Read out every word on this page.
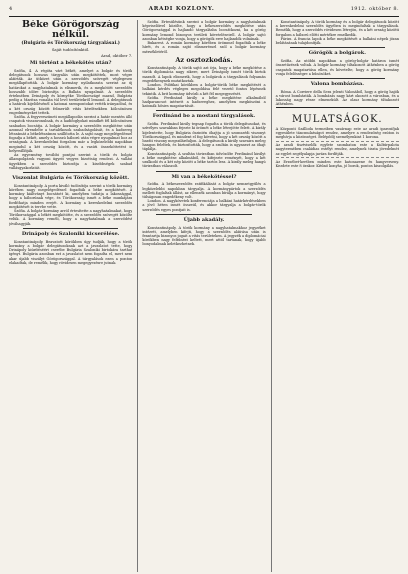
4	ARADI KOZLONY.	1912. október 8.
Béke Görögország nélkül.
(Bulgária és Törökország tárgyalásai.)
Saját tudósítónktól.
Arad, október 7.
Mi történt a békekötés után?

Szófia, 4. A régóta várt békét, amelyet a bolgár és török delegátusok hosszas tárgyalás után megkötöttek, most végre aláírták. Az ütközet után a szerződés szövegét véglegesen megállapították. A bolgár kormány nyilatkozata szerint az új határokat a nagyhatalmak is elismerik, és a megkötött szerződés hosszabb időre biztosítja a Balkán nyugalmát. A szerződés értelmében Drinápoly és környéke Törökországé marad, Bulgária pedig a Maritza vonalán túl levő területekről lemond. A delegátusok a határok kijelölésénél a katonai szempontokat vették irányadóul, és a két ország között felmerült vitás kérdésekben kölcsönösen engedményeket tettek.

Szófia. A fegyverszüneti megállapodás szerint a határ mentén álló csapatok visszavonulnak, és a hadifoglyokat mindkét fél kölcsönösen szabadon bocsátja. A bolgár kormány a szerződés megkötése után azonnal elrendelte a tartalékosok szabadságolását, és a hadsereg létszámát a békelétszámra szállította le. A sajtó nagy megelégedéssel fogadja a békét, amely a hosszú háború után végre nyugalmat hoz az országnak. A kereskedelmi forgalom már a legközelebbi napokban megindul a két ország között, és a vasúti összeköttetést is helyreállítják.

Az egyezmény további pontjai szerint a török és bolgár állampolgárok vagyoni ügyeit vegyes bizottság rendezi. A vallási ügyekben a szerződés biztosítja a kisebbségek szabad vallásgyakorlatát.

Viszonlat Bulgária és Törökország között.

Konstantinápoly. A porta kiváló tudósítója szerint a török kormány körében nagy megelégedéssel fogadták a béke megkötését. A kormány kiáltványt bocsátott ki, amelyben tudatja a lakossággal, hogy a háborúnak vége, és Törökország ismét a béke munkájára fordíthatja minden erejét. A kormány a kereskedelmi szerződés megkötését is tervbe vette.

Szófia. A bolgár kormány arról értesítette a nagyhatalmakat, hogy Törökországgal a békét megkötötte, és a szerződés szövegét közölte velük. A kormány reméli, hogy a nagyhatalmak a szerződést jóváhagyják.

Drinápoly és Szaloniki kicserélése.

Konstantinápoly. Beavatott körökben úgy tudják, hogy a török kormány a bolgár delegátusoknak azt a javaslatot tette, hogy Drinápoly kiürítéséért cserébe Bulgária Szaloniki birtokára tarthat igényt. Bulgária azonban ezt a javaslatot nem fogadta el, mert nem akar újabb viszályt Görögországgal. A tárgyalások ezen a ponton elakadtak, de remélik, hogy rövidesen megegyezésre jutnak.

Szófia. Értesülésünk szerint a bolgár kormány a nagyhatalmak képviselőivel közölte, hogy a békeszerződés megkötése után Görögországgal is hajlandó tárgyalásba bocsátkozni, ha a görög kormány lemond bizonyos területi követeléseiről. A bolgár sajtó azonban kétségbe vonja, hogy a görögök erre hajlandók volnának.

Bukarest. A román kormány körében örömmel fogadták a béke hírét, és a román sajtó elismeréssel szól a bolgár kormány mérsékletéről.

Az osztozkodás.

Konstantinápoly. A török sajtó azt írja, hogy a béke megkötése a török diplomácia nagy sikere, mert Drinápoly ismét török birtok maradt. A lapok elismerik, hogy a bolgárok a tárgyalások folyamán engedékenynek mutatkoztak.

London. Politikai körökben a bolgár-török béke megkötését a balkáni kérdés végleges megoldása felé vezető fontos lépésnek tekintik. A brit kormány üdvözli a két fél megegyezését.

Szófia. Ferdinánd király a béke megkötése alkalmából hadparancsot intézett a hadsereghez, amelyben megköszöni a katonák hősies magatartását.

Ferdinánd bo a mostani tárgyalások.

Szófia. Ferdinánd király tegnap fogadta a török delegátusokat, és szívélyes szavakban fejezte ki örömét a béke létrejötte felett. A király kijelentette, hogy Bulgária őszintén óhajtja a jó szomszédi viszonyt Törökországgal, és mindent el fog követni, hogy a két ország között a baráti viszony megszilárduljon. A delegátusok a király szavaira meleg hangon feleltek, és biztosították, hogy a szultán is ugyanezt az óhajt táplálja.

Konstantinápoly. A szultán táviratban üdvözölte Ferdinánd királyt a béke megkötése alkalmából, és kifejezte reményét, hogy a két uralkodó és a két nép között a béke tartós lesz. A király meleg hangú táviratban válaszolt.

Mi van a békekötéssel?

Szófia. A békeszerződés ratifikálását a bolgár nemzetgyűlés a legközelebbi napokban tárgyalja. A kormánypártok a szerződés mellett foglaltak állást, az ellenzék azonban bírálja a kormányt, hogy túlságosan engedékeny volt.

London. A nagykövetek konferenciája a balkáni határkérdésekben a jövő héten ismét összeül, és akkor tárgyalja a bolgár-török szerződés egyes pontjait is.

Újabb akadály.

Konstantinápoly. A török kormány a nagyhatalmakhoz jegyzéket intézett, amelyben kifejti, hogy a szerződés aláírása után is fenntartja bizonyos jogait a vitás területeken. A jegyzék a diplomáciai körökben nagy feltűnést keltett, mert attól tartanak, hogy újabb bonyodalmak keletkezhetnek.

Konstantinápoly. A török kormány és a bolgár delegátusok között a kereskedelmi szerződés ügyében is megindultak a tárgyalások. Remélik, hogy a szerződés rövidesen létrejön, és a két ország közötti forgalom a háború előtti mértékre emelkedik.

Párizs. A francia lapok a béke megkötését a balkáni népek józan belátásának tulajdonítják.

Görögök a bolgárok.

Szófia. Az utóbbi napokban a görög-bolgár határon ismét összetűzések voltak. A bolgár kormány tiltakozott Athénben a görög csapatok magatartása ellen, és követelte, hogy a görög kormány vonja felelősségre a bűnösöket.

Valona bombázása.

Róma. A Corriere della Sera jelenti Valonából, hogy a görög hajók a várost bombázták. A bombázás nagy kárt okozott a városban, és a lakosság nagy része elmenekült. Az olasz kormány tiltakozott Athénben.

MULATSÁGOK.

A Központi Szálloda termeiben vasárnap este az aradi iparosifjak egyesülete táncmulatságot rendez, amelyre a rendezőség ezúton is meghívja a közönséget. Belépődíj személyenkint 1 korona.

Az aradi tisztviselők egylete szombaton este a Kultúrpalota nagytermében családias estélyt rendez, amelynek tiszta jövedelmét az egylet segélyalapja javára fordítják.

Az Erzsébet-kertben minden este katonazene és hangverseny. Kezdete este 8 órakor. Kitűnő konyha, jó borok, pontos kiszolgálás.
